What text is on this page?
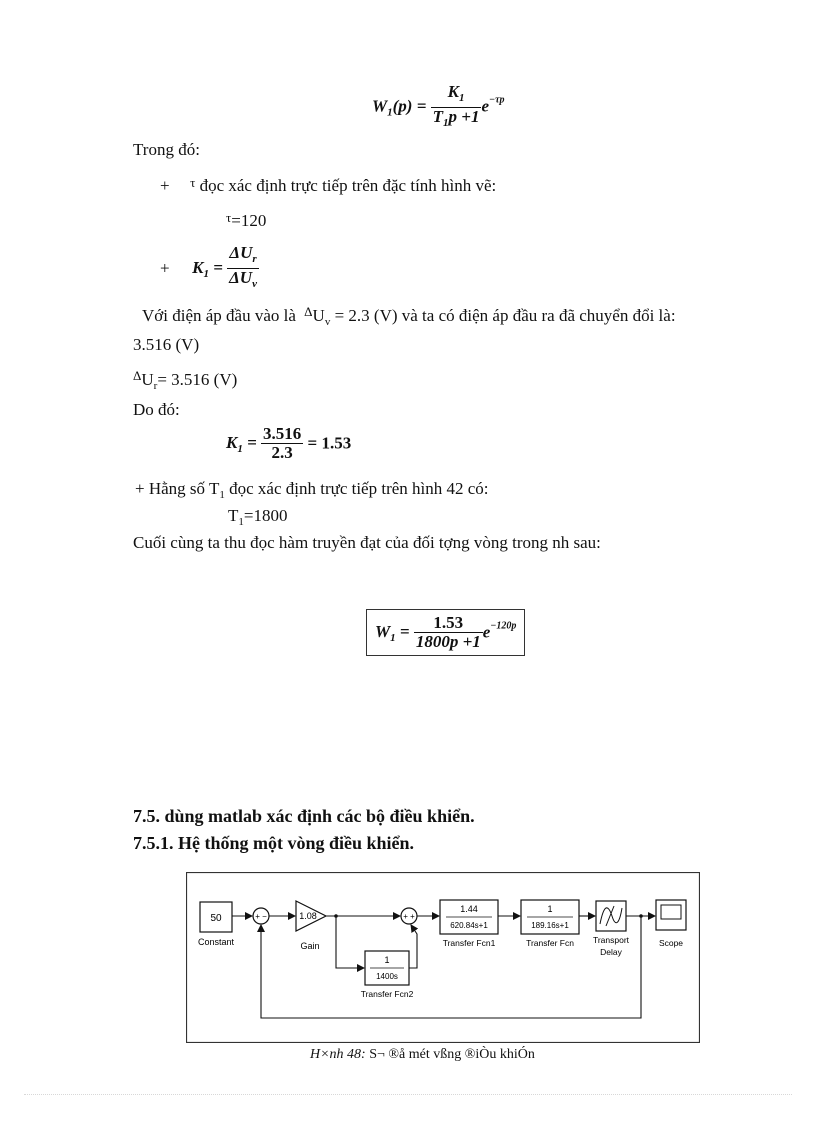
$W_1(p) = \frac{K_1}{T_1p +1} e^{-\tau p}$
Trong đó:
+ $^\tau$ đọc xác định trực tiếp trên đặc tính hình vẽ:
$^\tau$=120
+ $K_1 = \frac{\Delta U_r}{\Delta U_v}$
Với điện áp đầu vào là $^\Delta U_v = 2.3$ (V) và ta có điện áp đầu ra đã chuyển đổi là:
3.516 (V)
$^\Delta U_r= 3.516$ (V)
Do đó:
$K_1 = \frac{3.516}{2.3} = 1.53$
+ Hằng số $T_1$ đọc xác định trực tiếp trên hình 42 có:
$T_1=1800$
Cuối cùng ta thu đọc hàm truyền đạt của đối tợng vòng trong nh sau:
$W_1 = \frac{1.53}{1800p +1} e^{-120p}$
7.5. dùng matlab xác định các bộ điều khiển.
7.5.1. Hệ thống một vòng điều khiển.
50
Constant
+ −	1.08
Gain
+ +
1.44
620.84s+1
Transfer Fcn1
1
189.16s+1
Transfer Fcn Transport
Delay
Scope
1
1400s
Transfer Fcn2
H×nh 48: S¬ ®å mét vßng ®iÒu khiÓn
